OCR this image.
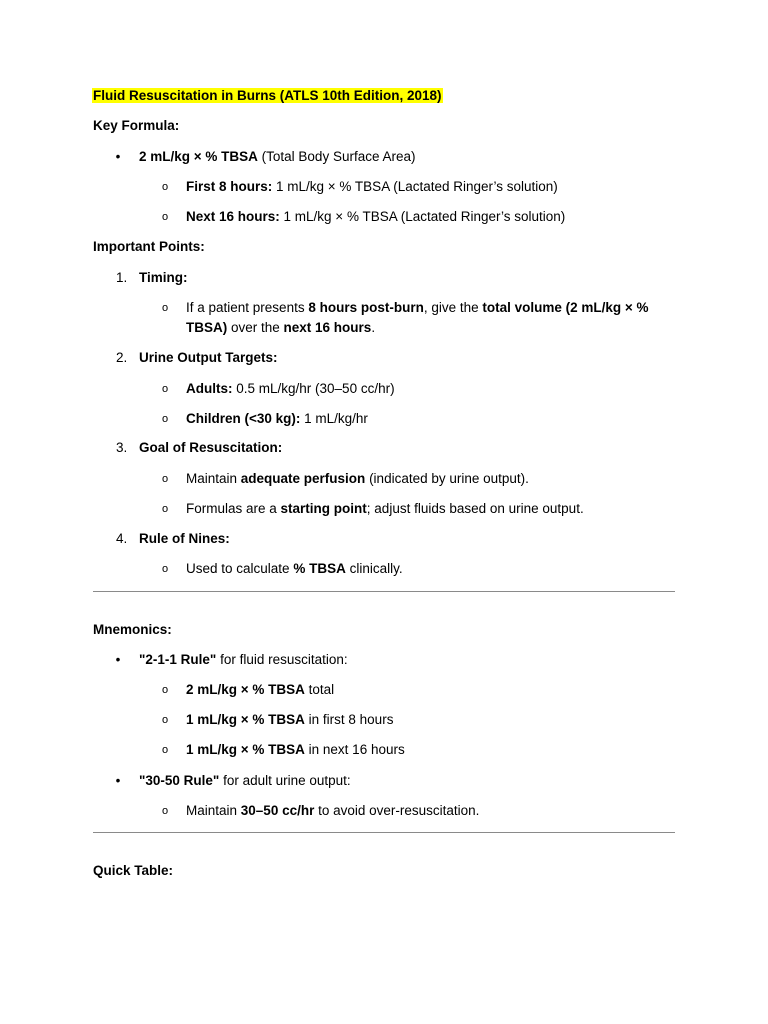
Fluid Resuscitation in Burns (ATLS 10th Edition, 2018)
Key Formula:
•	2 mL/kg × % TBSA (Total Body Surface Area)
o First 8 hours: 1 mL/kg × % TBSA (Lactated Ringer’s solution)
o Next 16 hours: 1 mL/kg × % TBSA (Lactated Ringer’s solution)
Important Points:
1. Timing:
o If a patient presents 8 hours post-burn, give the total volume (2 mL/kg × %
TBSA) over the next 16 hours.
2. Urine Output Targets:
o Adults: 0.5 mL/kg/hr (30–50 cc/hr)
o Children (<30 kg): 1 mL/kg/hr
3. Goal of Resuscitation:
o Maintain adequate perfusion (indicated by urine output).
o Formulas are a starting point; adjust fluids based on urine output.
4. Rule of Nines:
o Used to calculate % TBSA clinically.
Mnemonics:
•	"2-1-1 Rule" for fluid resuscitation:
o 2 mL/kg × % TBSA total
o 1 mL/kg × % TBSA in first 8 hours
o 1 mL/kg × % TBSA in next 16 hours
•	"30-50 Rule" for adult urine output:
o Maintain 30–50 cc/hr to avoid over-resuscitation.
Quick Table:
